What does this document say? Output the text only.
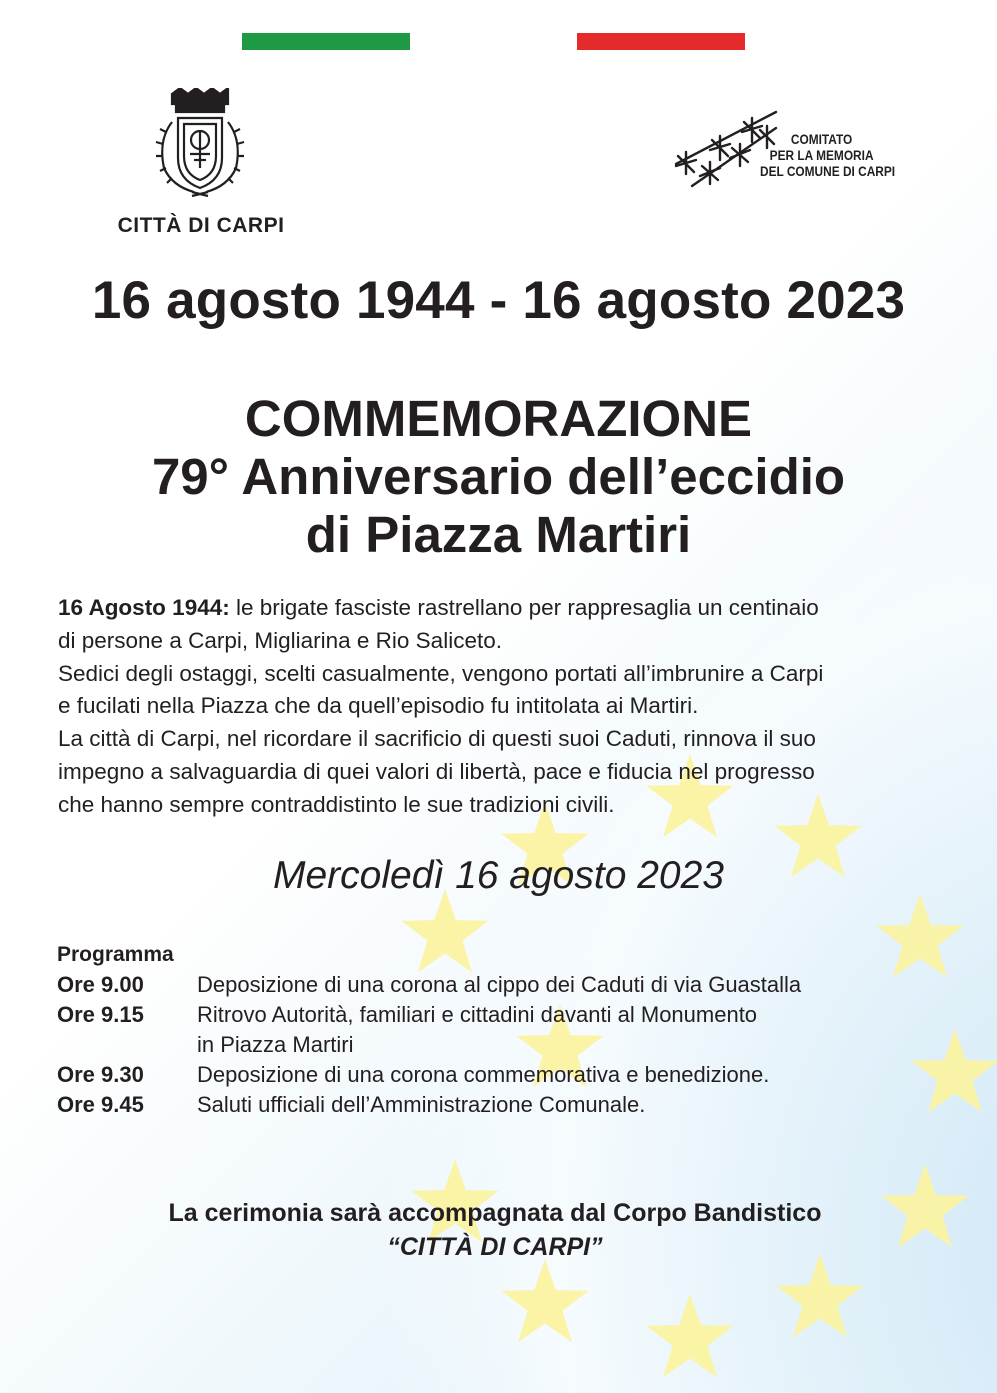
CITTÀ DI CARPI
COMITATO
PER LA MEMORIA
DEL COMUNE DI CARPI
16 agosto 1944 - 16 agosto 2023
COMMEMORAZIONE
79° Anniversario dell’eccidio
di Piazza Martiri

16 Agosto 1944: le brigate fasciste rastrellano per rappresaglia un centinaio

di persone a Carpi, Migliarina e Rio Saliceto.

Sedici degli ostaggi, scelti casualmente, vengono portati all’imbrunire a Carpi

e fucilati nella Piazza che da quell’episodio fu intitolata ai Martiri.

La città di Carpi, nel ricordare il sacrificio di questi suoi Caduti, rinnova il suo

impegno a salvaguardia di quei valori di libertà, pace e fiducia nel progresso

che hanno sempre contraddistinto le sue tradizioni civili.

Mercoledì 16 agosto 2023
Programma
Ore 9.00	Deposizione di una corona al cippo dei Caduti di via Guastalla
Ore 9.15	Ritrovo Autorità, familiari e cittadini davanti al Monumento
in Piazza Martiri
Ore 9.30	Deposizione di una corona commemorativa e benedizione.
Ore 9.45	Saluti ufficiali dell’Amministrazione Comunale.
La cerimonia sarà accompagnata dal Corpo Bandistico
“CITTÀ DI CARPI”
